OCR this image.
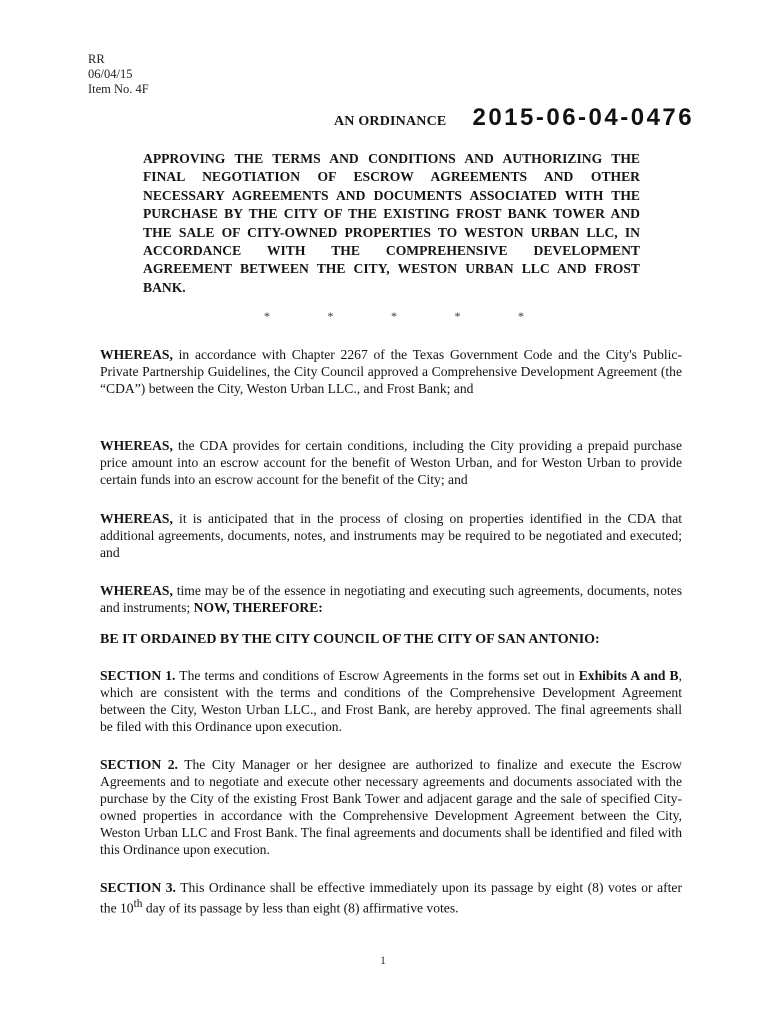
RR
06/04/15
Item No. 4F
AN ORDINANCE 2015-06-04-0476
APPROVING THE TERMS AND CONDITIONS AND AUTHORIZING THE FINAL NEGOTIATION OF ESCROW AGREEMENTS AND OTHER NECESSARY AGREEMENTS AND DOCUMENTS ASSOCIATED WITH THE PURCHASE BY THE CITY OF THE EXISTING FROST BANK TOWER AND THE SALE OF CITY-OWNED PROPERTIES TO WESTON URBAN LLC, IN ACCORDANCE WITH THE COMPREHENSIVE DEVELOPMENT AGREEMENT BETWEEN THE CITY, WESTON URBAN LLC AND FROST BANK.
*	*	*	*	*
WHEREAS, in accordance with Chapter 2267 of the Texas Government Code and the City's Public-Private Partnership Guidelines, the City Council approved a Comprehensive Development Agreement (the “CDA”) between the City, Weston Urban LLC., and Frost Bank; and
WHEREAS, the CDA provides for certain conditions, including the City providing a prepaid purchase price amount into an escrow account for the benefit of Weston Urban, and for Weston Urban to provide certain funds into an escrow account for the benefit of the City; and
WHEREAS, it is anticipated that in the process of closing on properties identified in the CDA that additional agreements, documents, notes, and instruments may be required to be negotiated and executed; and
WHEREAS, time may be of the essence in negotiating and executing such agreements, documents, notes and instruments; NOW, THEREFORE:
BE IT ORDAINED BY THE CITY COUNCIL OF THE CITY OF SAN ANTONIO:
SECTION 1. The terms and conditions of Escrow Agreements in the forms set out in Exhibits A and B, which are consistent with the terms and conditions of the Comprehensive Development Agreement between the City, Weston Urban LLC., and Frost Bank, are hereby approved. The final agreements shall be filed with this Ordinance upon execution.
SECTION 2. The City Manager or her designee are authorized to finalize and execute the Escrow Agreements and to negotiate and execute other necessary agreements and documents associated with the purchase by the City of the existing Frost Bank Tower and adjacent garage and the sale of specified City-owned properties in accordance with the Comprehensive Development Agreement between the City, Weston Urban LLC and Frost Bank. The final agreements and documents shall be identified and filed with this Ordinance upon execution.
SECTION 3. This Ordinance shall be effective immediately upon its passage by eight (8) votes or after the 10th day of its passage by less than eight (8) affirmative votes.
1
